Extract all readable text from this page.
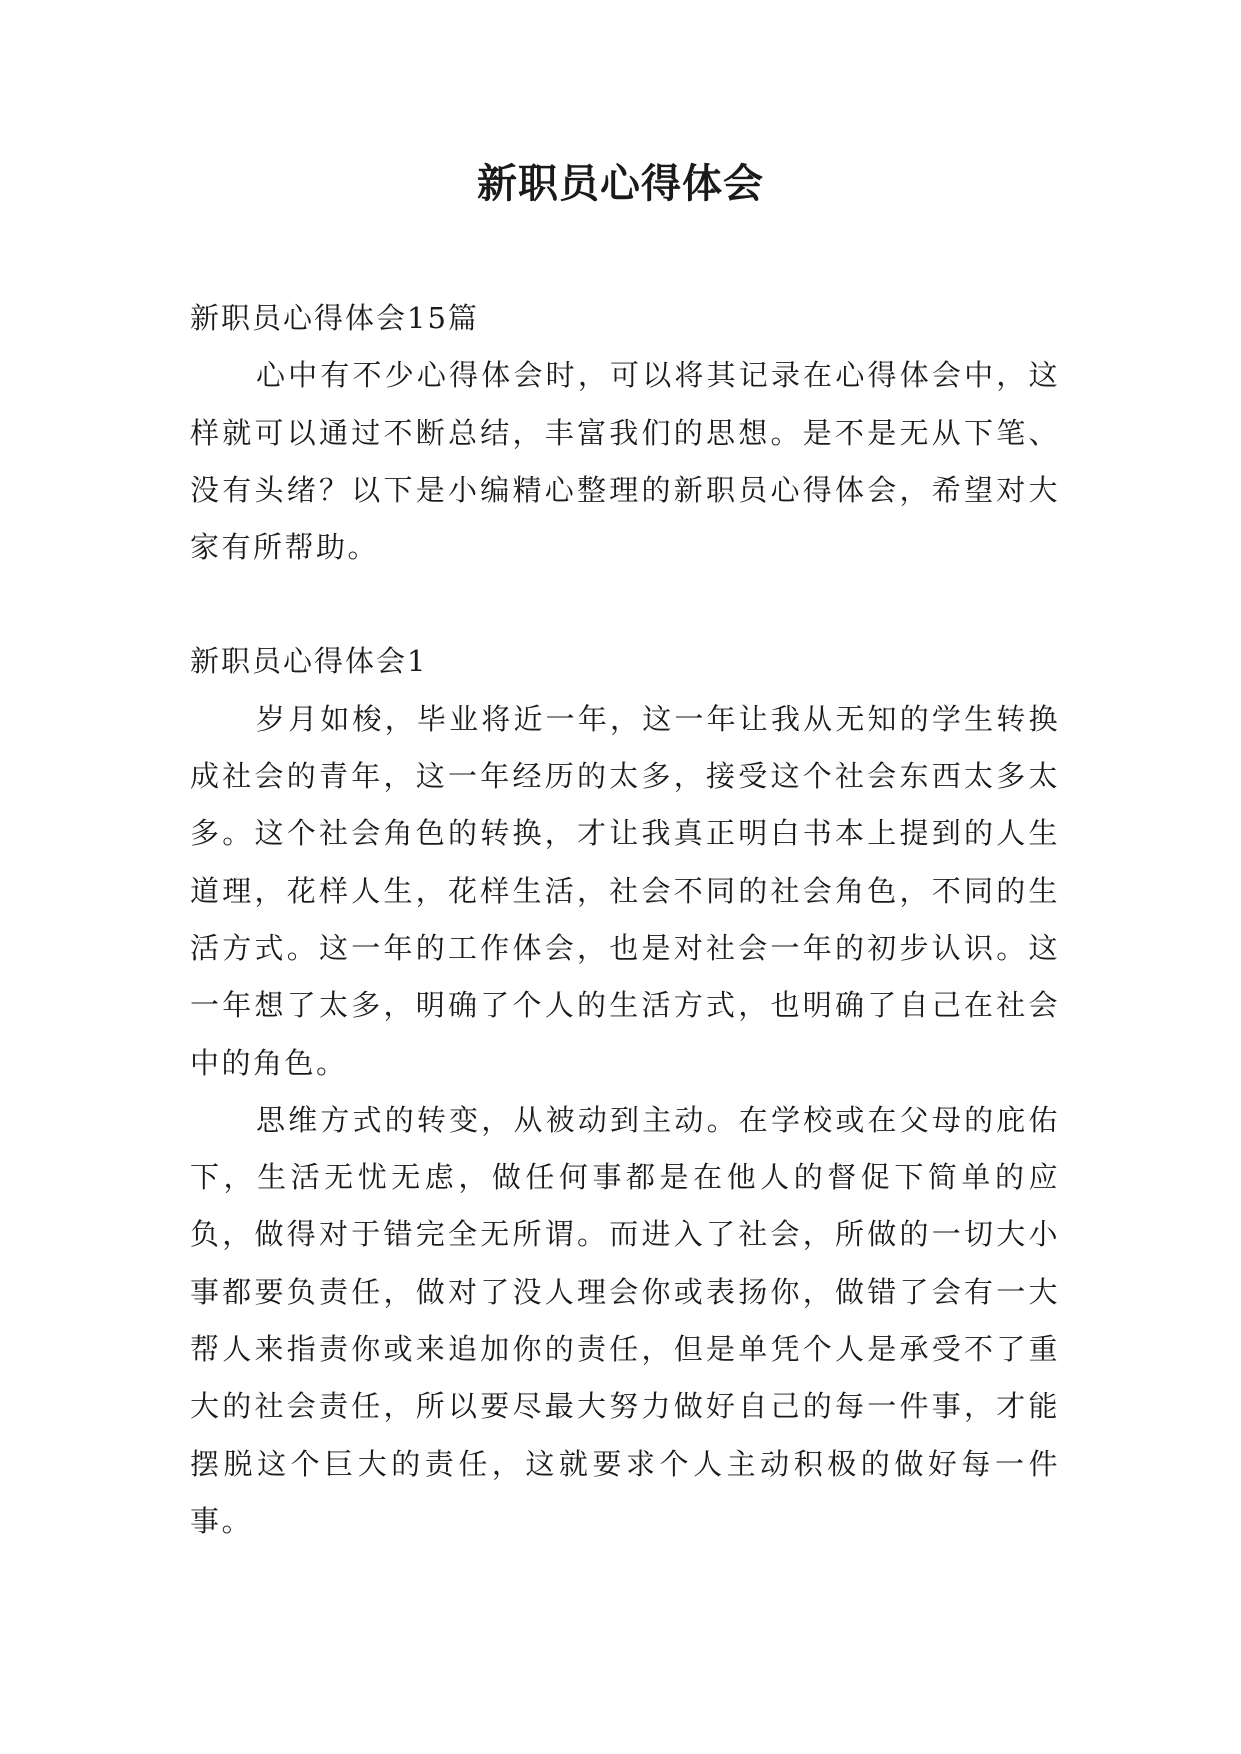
新职员心得体会

新职员心得体会15篇

心中有不少心得体会时，可以将其记录在心得体会中，这样就可以通过不断总结，丰富我们的思想。是不是无从下笔、没有头绪？以下是小编精心整理的新职员心得体会，希望对大家有所帮助。

新职员心得体会1

岁月如梭，毕业将近一年，这一年让我从无知的学生转换成社会的青年，这一年经历的太多，接受这个社会东西太多太多。这个社会角色的转换，才让我真正明白书本上提到的人生道理，花样人生，花样生活，社会不同的社会角色，不同的生活方式。这一年的工作体会，也是对社会一年的初步认识。这一年想了太多，明确了个人的生活方式，也明确了自己在社会中的角色。

思维方式的转变，从被动到主动。在学校或在父母的庇佑下，生活无忧无虑，做任何事都是在他人的督促下简单的应负，做得对于错完全无所谓。而进入了社会，所做的一切大小事都要负责任，做对了没人理会你或表扬你，做错了会有一大帮人来指责你或来追加你的责任，但是单凭个人是承受不了重大的社会责任，所以要尽最大努力做好自己的每一件事，才能摆脱这个巨大的责任，这就要求个人主动积极的做好每一件事。
